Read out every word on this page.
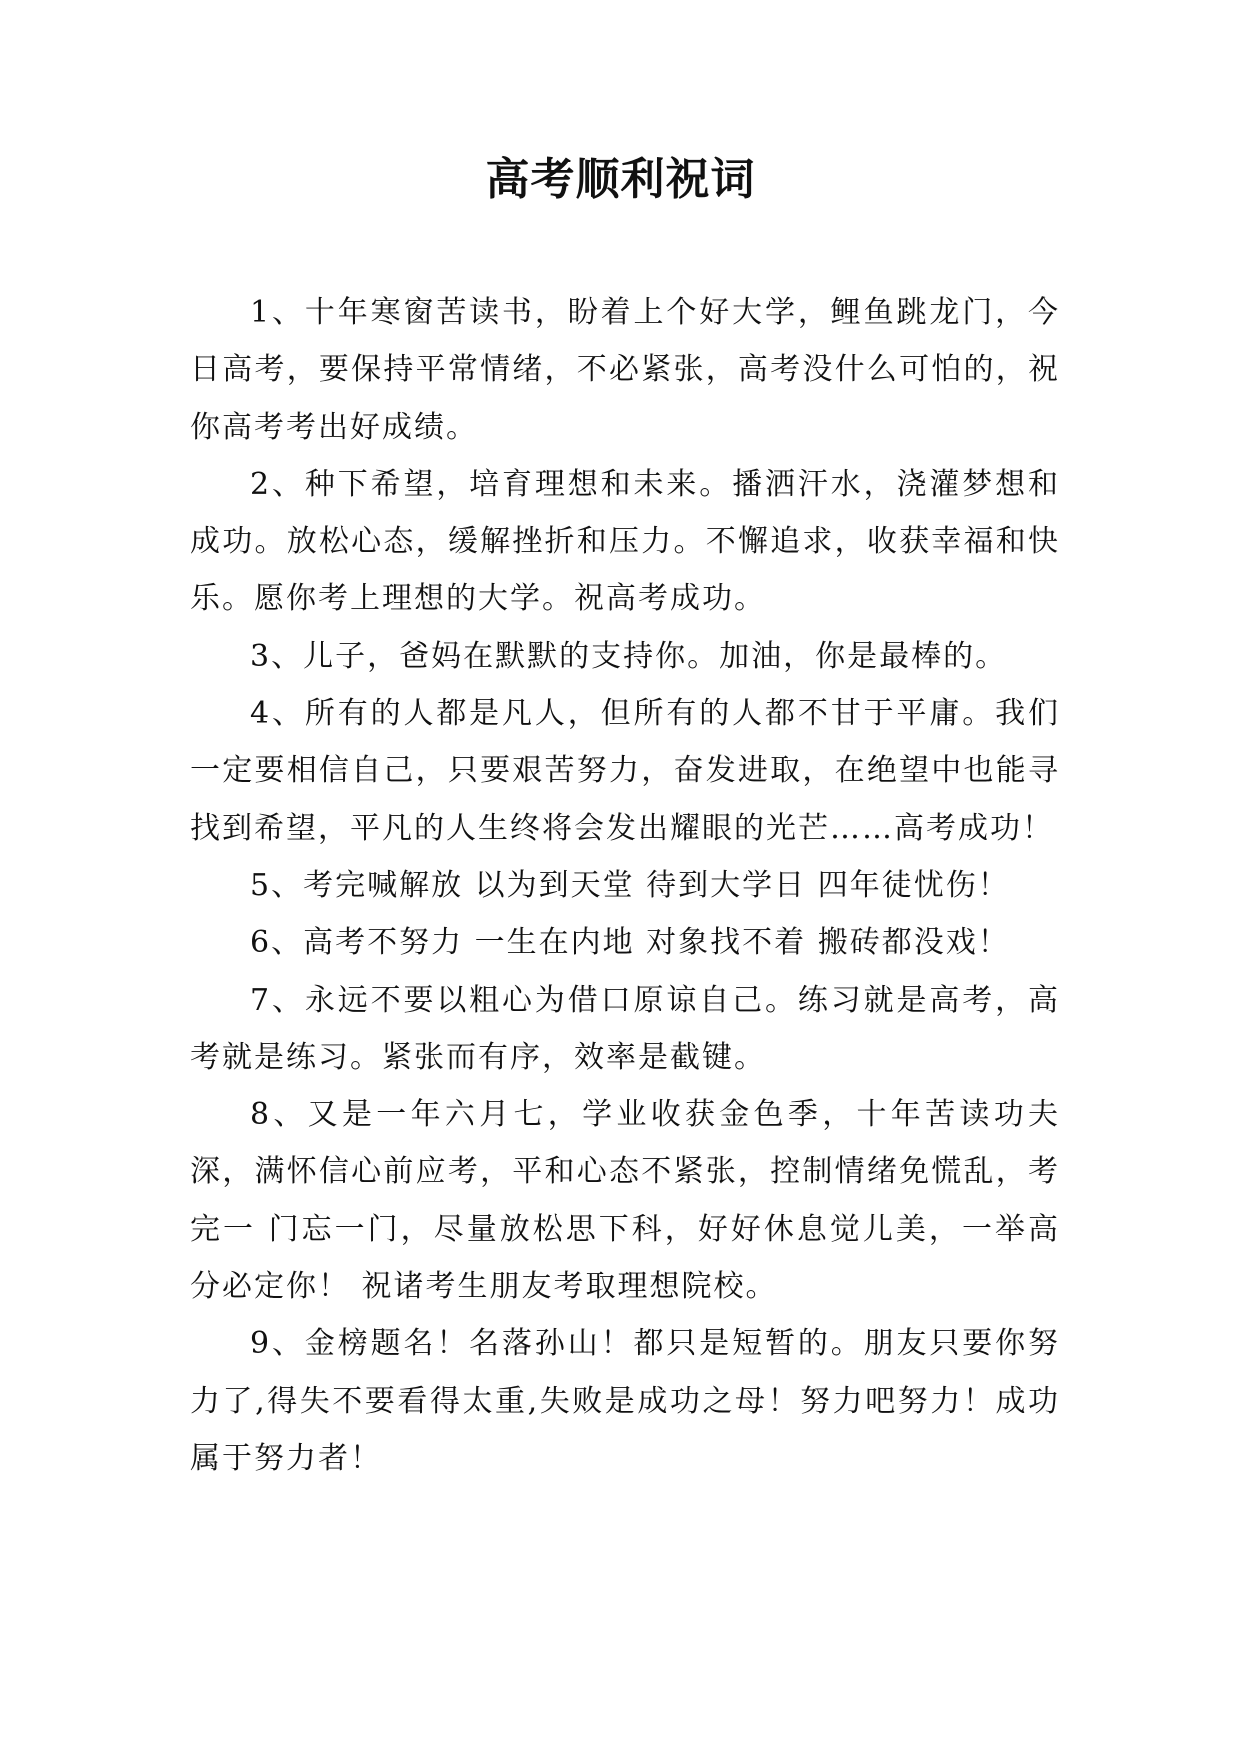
高考顺利祝词

1、十年寒窗苦读书，盼着上个好大学，鲤鱼跳龙门，今日高考，要保持平常情绪，不必紧张，高考没什么可怕的，祝你高考考出好成绩。

2、种下希望，培育理想和未来。播洒汗水，浇灌梦想和成功。放松心态，缓解挫折和压力。不懈追求，收获幸福和快乐。愿你考上理想的大学。祝高考成功。

3、儿子，爸妈在默默的支持你。加油，你是最棒的。

4、所有的人都是凡人，但所有的人都不甘于平庸。我们一定要相信自己，只要艰苦努力，奋发进取，在绝望中也能寻找到希望，平凡的人生终将会发出耀眼的光芒……高考成功！

5、考完喊解放 以为到天堂 待到大学日 四年徒忧伤！

6、高考不努力 一生在内地 对象找不着 搬砖都没戏！

7、永远不要以粗心为借口原谅自己。练习就是高考，高考就是练习。紧张而有序，效率是截键。

8、又是一年六月七，学业收获金色季，十年苦读功夫深，满怀信心前应考，平和心态不紧张，控制情绪免慌乱，考完一 门忘一门，尽量放松思下科，好好休息觉儿美，一举高分必定你！ 祝诸考生朋友考取理想院校。

9、金榜题名！名落孙山！都只是短暂的。朋友只要你努力了,得失不要看得太重,失败是成功之母！努力吧努力！成功属于努力者！
